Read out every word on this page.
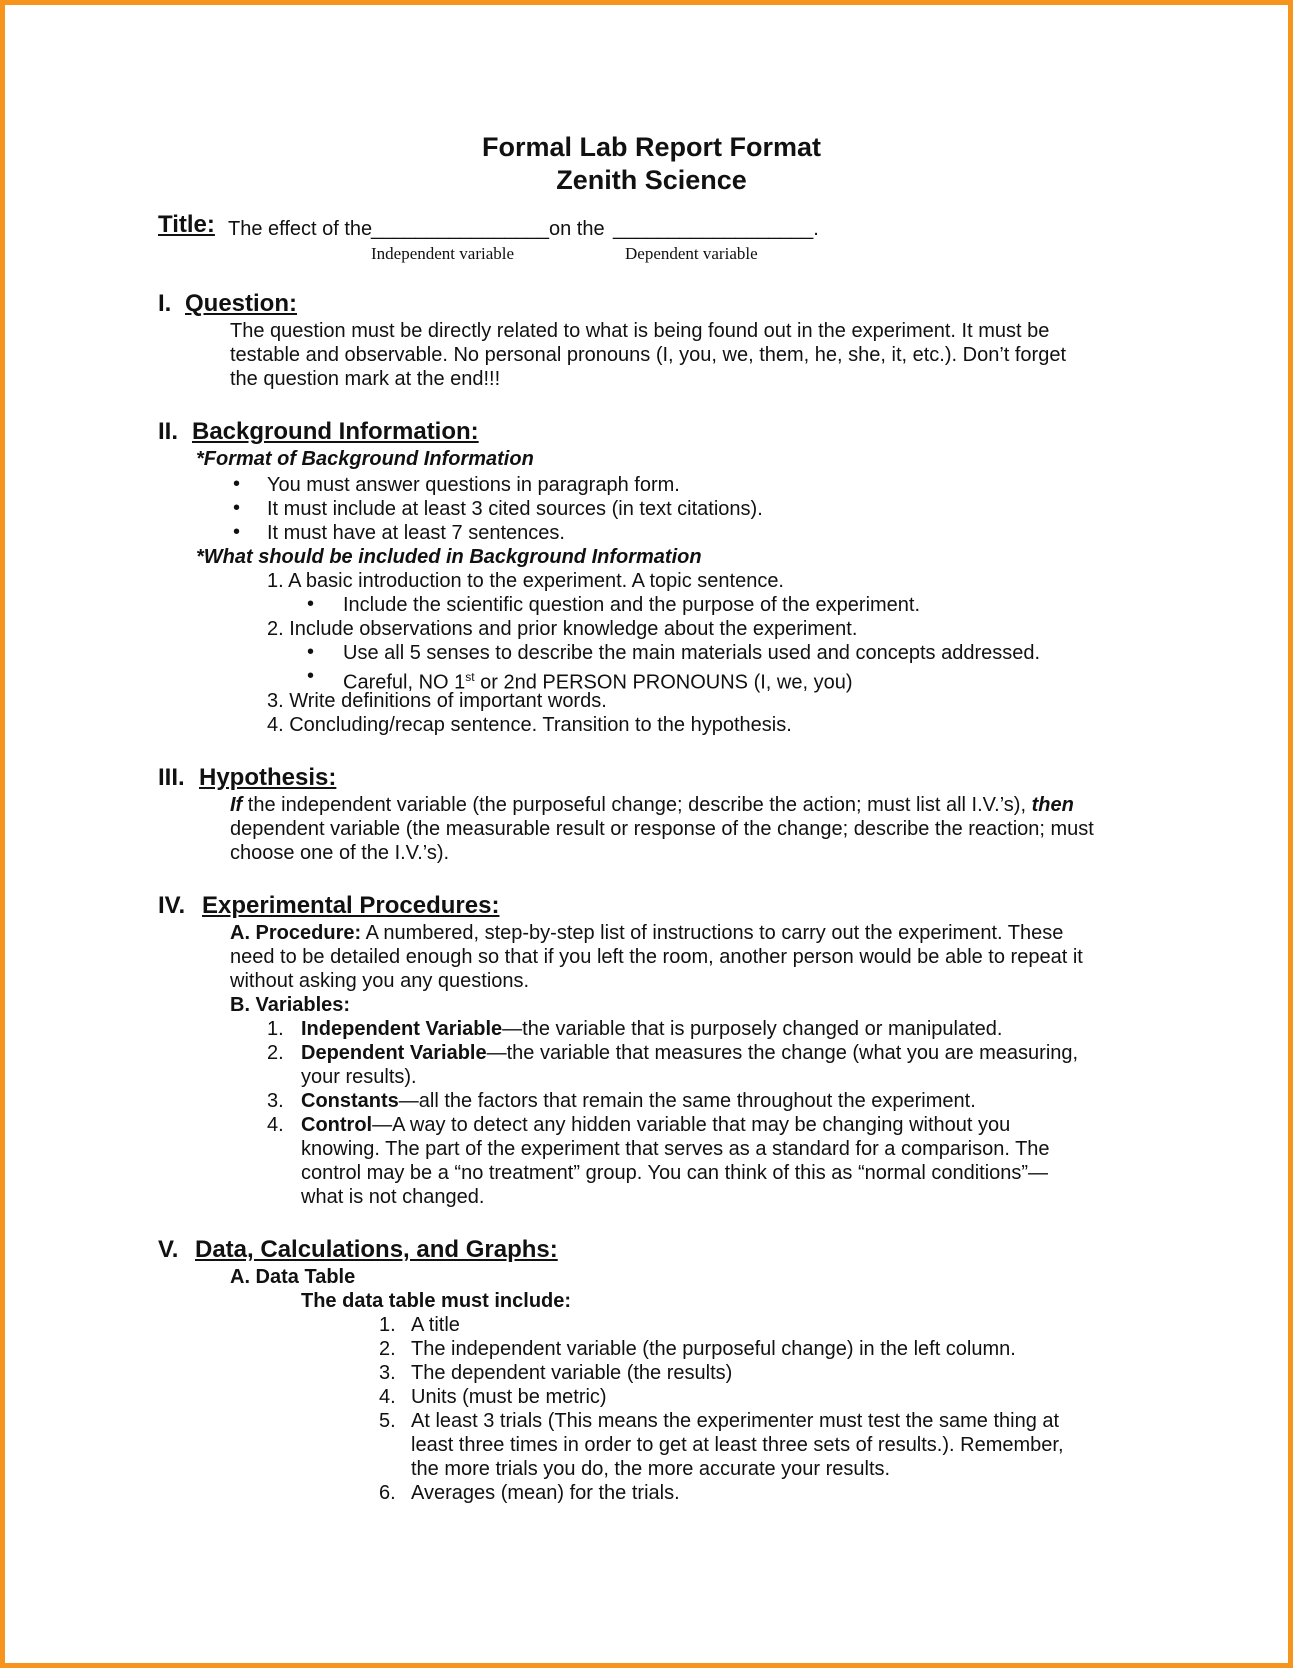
Formal Lab Report Format
Zenith Science
Title: The effect of the
________________ on the __________________.
Independent variable	Dependent variable
I. Question:
The question must be directly related to what is being found out in the experiment. It must be
testable and observable. No personal pronouns (I, you, we, them, he, she, it, etc.). Don’t forget
the question mark at the end!!!
II. Background Information:
*Format of Background Information
• You must answer questions in paragraph form.
• It must include at least 3 cited sources (in text citations).
• It must have at least 7 sentences.
*What should be included in Background Information
1. A basic introduction to the experiment. A topic sentence.
• Include the scientific question and the purpose of the experiment.
2. Include observations and prior knowledge about the experiment.
• Use all 5 senses to describe the main materials used and concepts addressed.
• Careful, NO 1st or 2nd PERSON PRONOUNS (I, we, you)
3. Write definitions of important words.
4. Concluding/recap sentence. Transition to the hypothesis.
III. Hypothesis:
If the independent variable (the purposeful change; describe the action; must list all I.V.’s), then
dependent variable (the measurable result or response of the change; describe the reaction; must
choose one of the I.V.’s).
IV. Experimental Procedures:
A. Procedure: A numbered, step-by-step list of instructions to carry out the experiment. These
need to be detailed enough so that if you left the room, another person would be able to repeat it
without asking you any questions.
B. Variables:
1. Independent Variable—the variable that is purposely changed or manipulated.
2. Dependent Variable—the variable that measures the change (what you are measuring,
your results).
3. Constants—all the factors that remain the same throughout the experiment.
4. Control—A way to detect any hidden variable that may be changing without you
knowing. The part of the experiment that serves as a standard for a comparison. The
control may be a “no treatment” group. You can think of this as “normal conditions”—
what is not changed.
V. Data, Calculations, and Graphs:
A. Data Table
The data table must include:
1. A title
2. The independent variable (the purposeful change) in the left column.
3. The dependent variable (the results)
4. Units (must be metric)
5. At least 3 trials (This means the experimenter must test the same thing at
least three times in order to get at least three sets of results.). Remember,
the more trials you do, the more accurate your results.
6. Averages (mean) for the trials.
